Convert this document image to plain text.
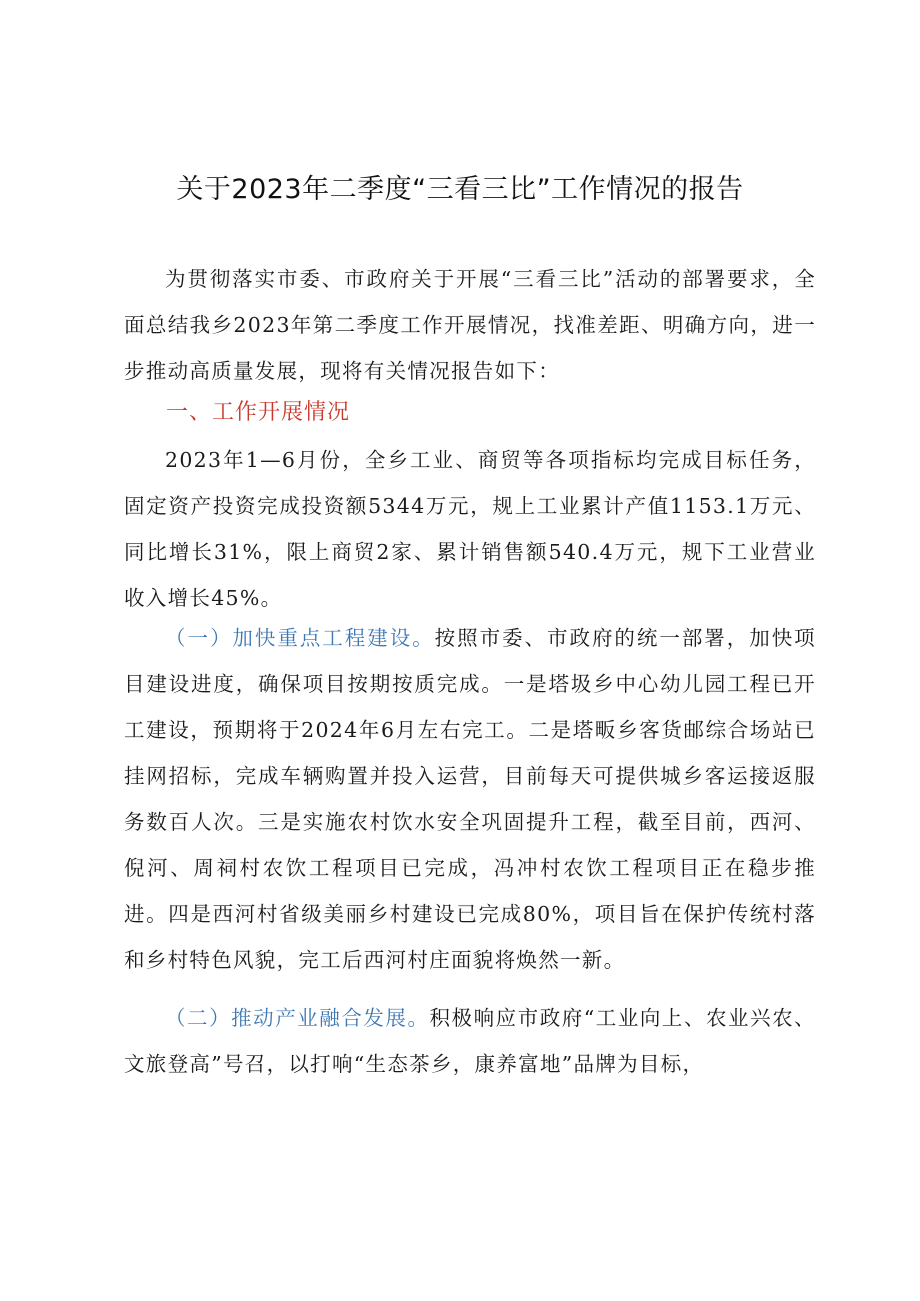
关于2023年二季度“三看三比”工作情况的报告
为贯彻落实市委、市政府关于开展“三看三比”活动的部署要求，全面总结我乡2023年第二季度工作开展情况，找准差距、明确方向，进一步推动高质量发展，现将有关情况报告如下：
一、工作开展情况
2023年1—6月份，全乡工业、商贸等各项指标均完成目标任务，固定资产投资完成投资额5344万元，规上工业累计产值1153.1万元、同比增长31%，限上商贸2家、累计销售额540.4万元，规下工业营业收入增长45%。
（一）加快重点工程建设。按照市委、市政府的统一部署，加快项目建设进度，确保项目按期按质完成。一是塔圾乡中心幼儿园工程已开工建设，预期将于2024年6月左右完工。二是塔畈乡客货邮综合场站已挂网招标，完成车辆购置并投入运营，目前每天可提供城乡客运接返服务数百人次。三是实施农村饮水安全巩固提升工程，截至目前，西河、倪河、周祠村农饮工程项目已完成，冯冲村农饮工程项目正在稳步推进。四是西河村省级美丽乡村建设已完成80%，项目旨在保护传统村落和乡村特色风貌，完工后西河村庄面貌将焕然一新。
（二）推动产业融合发展。积极响应市政府“工业向上、农业兴农、文旅登高”号召，以打响“生态茶乡，康养富地”品牌为目标，
